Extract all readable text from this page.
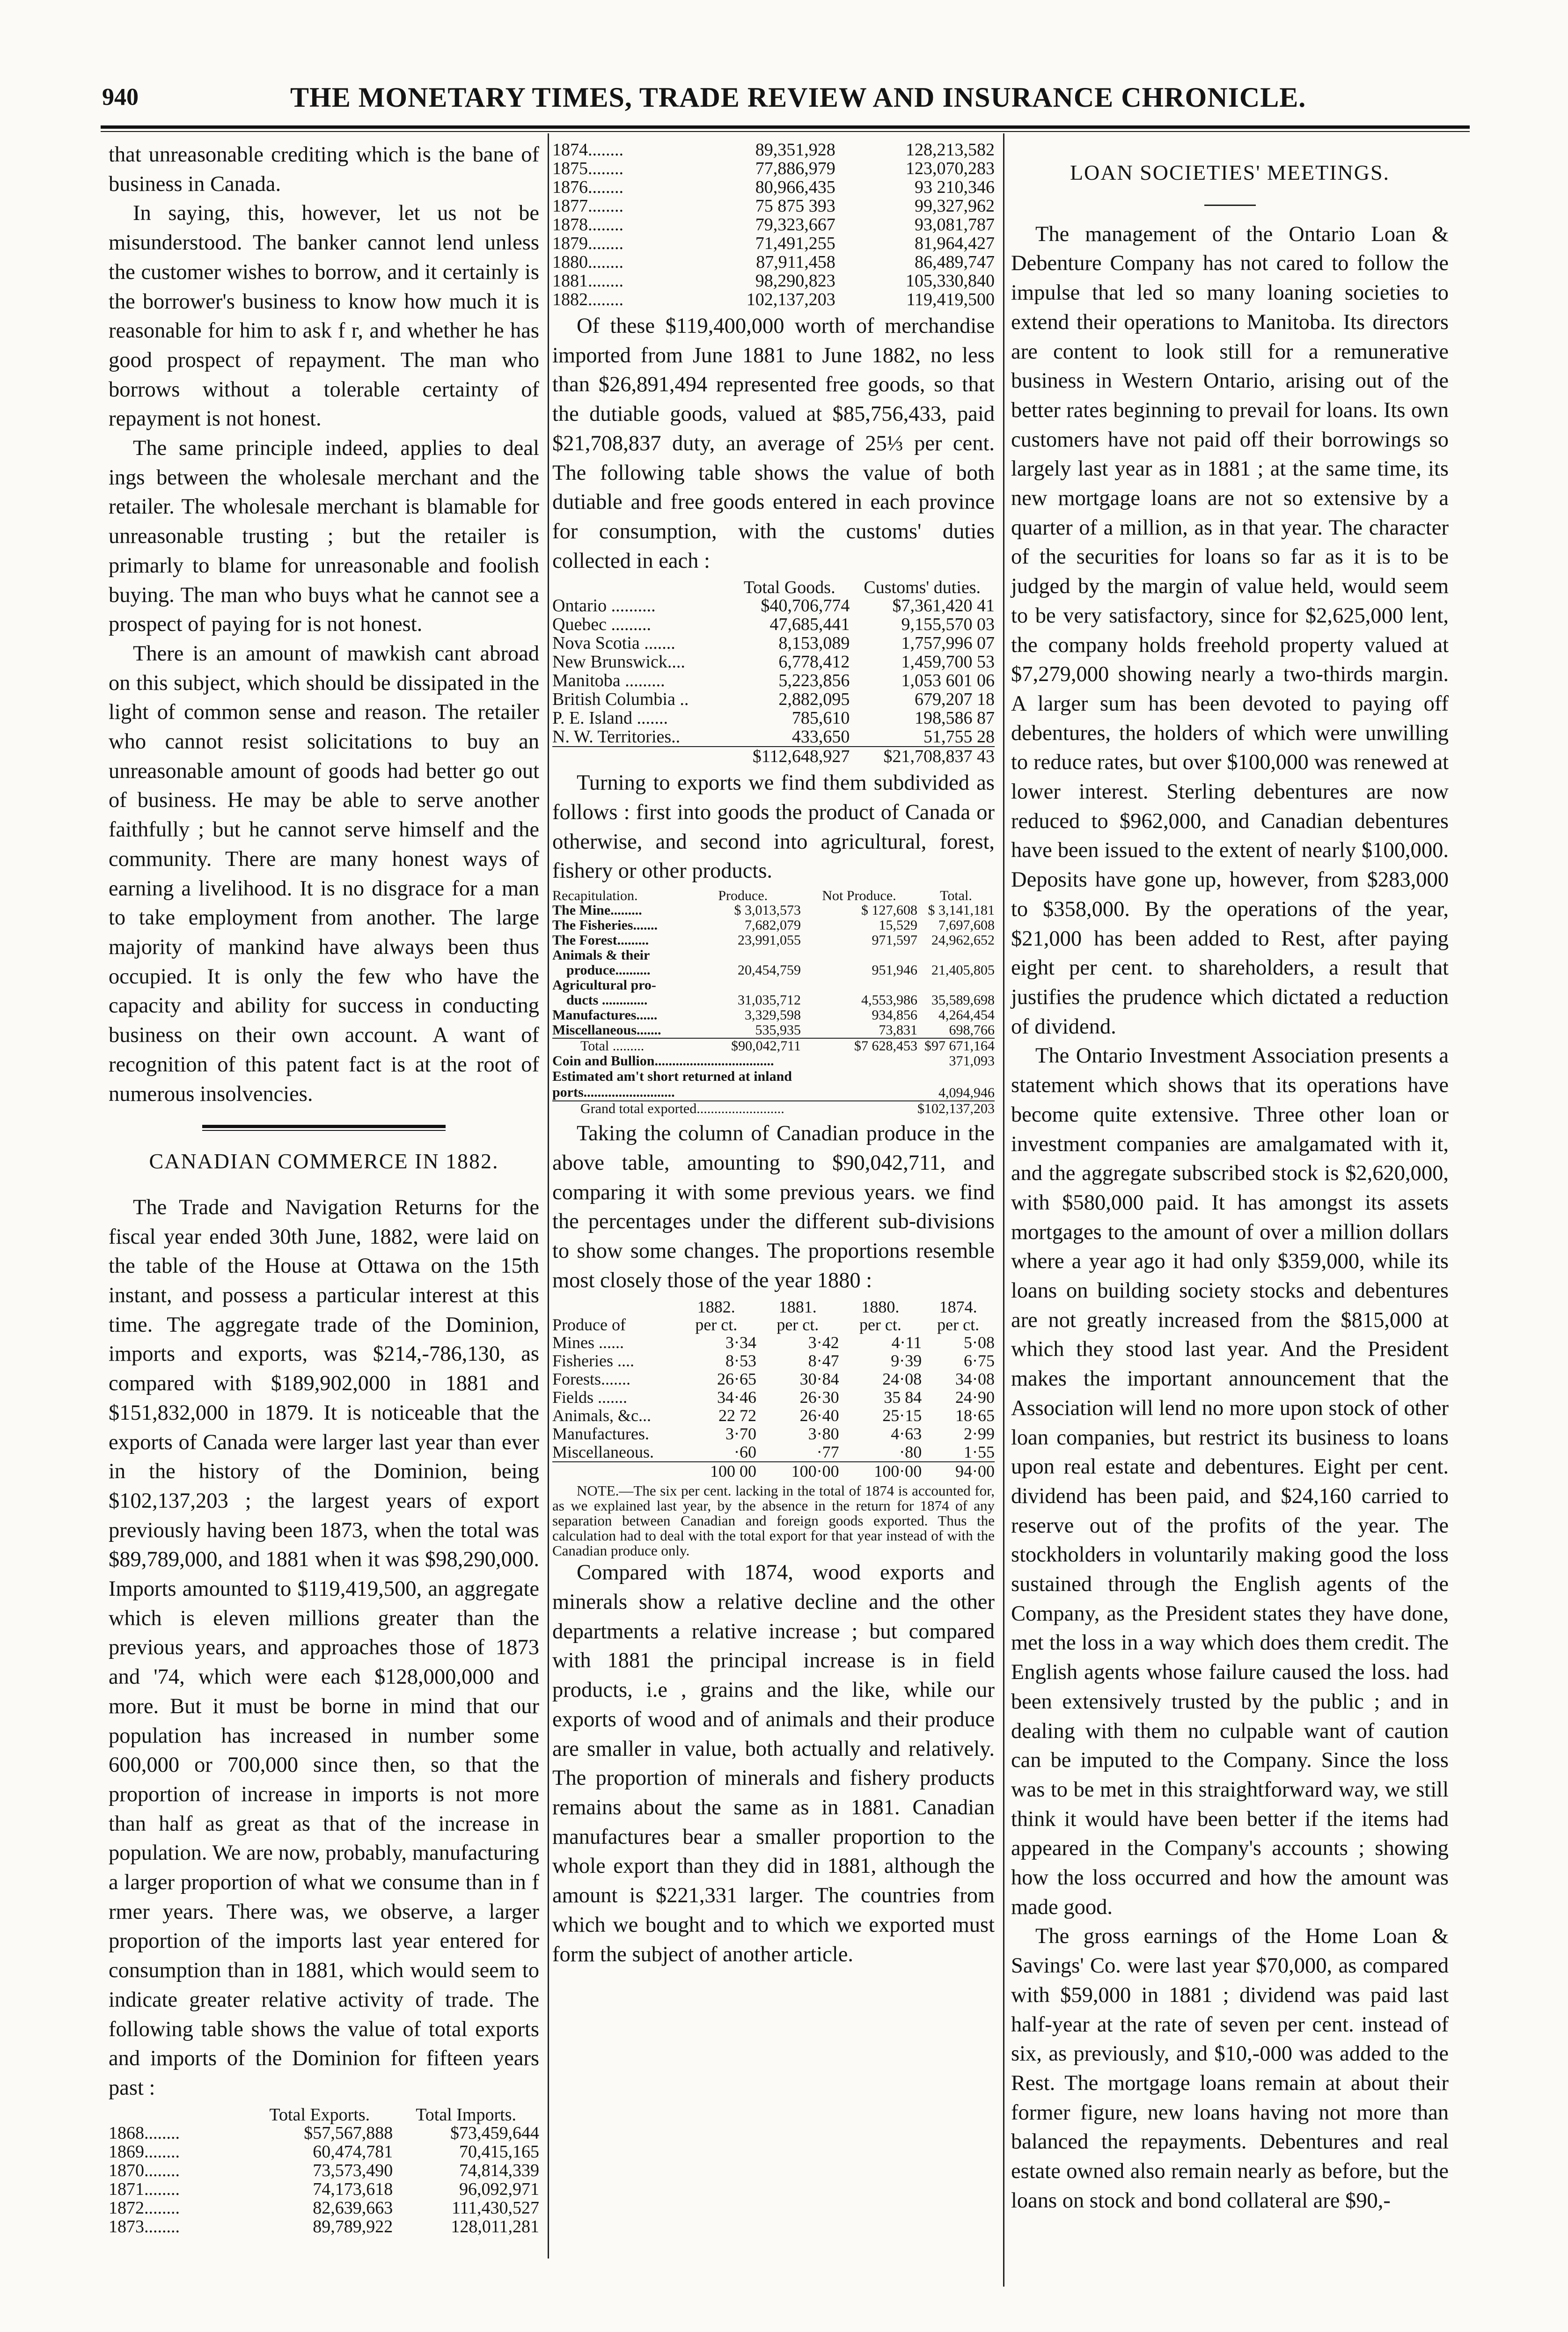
940	THE MONETARY TIMES, TRADE REVIEW AND INSURANCE CHRONICLE.

that unreasonable crediting which is the bane of business in Canada.

In saying, this, however, let us not be misunderstood. The banker cannot lend unless the customer wishes to borrow, and it certainly is the borrower's business to know how much it is reasonable for him to ask f r, and whether he has good prospect of repayment. The man who borrows without a tolerable certainty of repayment is not honest.

The same principle indeed, applies to deal ings between the wholesale merchant and the retailer. The wholesale merchant is blamable for unreasonable trusting ; but the retailer is primarly to blame for unreasonable and foolish buying. The man who buys what he cannot see a prospect of paying for is not honest.

There is an amount of mawkish cant abroad on this subject, which should be dissipated in the light of common sense and reason. The retailer who cannot resist solicitations to buy an unreasonable amount of goods had better go out of business. He may be able to serve another faithfully ; but he cannot serve himself and the community. There are many honest ways of earning a livelihood. It is no disgrace for a man to take employment from another. The large majority of mankind have always been thus occupied. It is only the few who have the capacity and ability for success in conducting business on their own account. A want of recognition of this patent fact is at the root of numerous insolvencies.

CANADIAN COMMERCE IN 1882.

The Trade and Navigation Returns for the fiscal year ended 30th June, 1882, were laid on the table of the House at Ottawa on the 15th instant, and possess a particular interest at this time. The aggregate trade of the Dominion, imports and exports, was $214,-786,130, as compared with $189,902,000 in 1881 and $151,832,000 in 1879. It is noticeable that the exports of Canada were larger last year than ever in the history of the Dominion, being $102,137,203 ; the largest years of export previously having been 1873, when the total was $89,789,000, and 1881 when it was $98,290,000. Imports amounted to $119,419,500, an aggregate which is eleven millions greater than the previous years, and approaches those of 1873 and '74, which were each $128,000,000 and more. But it must be borne in mind that our population has increased in number some 600,000 or 700,000 since then, so that the proportion of increase in imports is not more than half as great as that of the increase in population. We are now, probably, manufacturing a larger proportion of what we consume than in f rmer years. There was, we observe, a larger proportion of the imports last year entered for consumption than in 1881, which would seem to indicate greater relative activity of trade. The following table shows the value of total exports and imports of the Dominion for fifteen years past :

	Total Exports.	Total Imports.
1868........	$57,567,888	$73,459,644
1869........	60,474,781	70,415,165
1870........	73,573,490	74,814,339
1871........	74,173,618	96,092,971
1872........	82,639,663	111,430,527
1873........	89,789,922	128,011,281
1874........	89,351,928	128,213,582
1875........	77,886,979	123,070,283
1876........	80,966,435	93 210,346
1877........	75 875 393	99,327,962
1878........	79,323,667	93,081,787
1879........	71,491,255	81,964,427
1880........	87,911,458	86,489,747
1881........	98,290,823	105,330,840
1882........	102,137,203	119,419,500

Of these $119,400,000 worth of merchandise imported from June 1881 to June 1882, no less than $26,891,494 represented free goods, so that the dutiable goods, valued at $85,756,433, paid $21,708,837 duty, an average of 25⅓ per cent. The following table shows the value of both dutiable and free goods entered in each province for consumption, with the customs' duties collected in each :

	Total Goods.	Customs' duties.
Ontario ..........	$40,706,774	$7,361,420 41
Quebec .........	47,685,441	9,155,570 03
Nova Scotia .......	8,153,089	1,757,996 07
New Brunswick....	6,778,412	1,459,700 53
Manitoba .........	5,223,856	1,053 601 06
British Columbia ..	2,882,095	679,207 18
P. E. Island .......	785,610	198,586 87
N. W. Territories..	433,650	51,755 28
	$112,648,927	$21,708,837 43

Turning to exports we find them subdivided as follows : first into goods the product of Canada or otherwise, and second into agricultural, forest, fishery or other products.

Recapitulation.	Produce.	Not Produce.	Total.
The Mine.........	$ 3,013,573	$ 127,608	$ 3,141,181
The Fisheries.......	7,682,079	15,529	7,697,608
The Forest.........	23,991,055	971,597	24,962,652
Animals & their			
produce..........	20,454,759	951,946	21,405,805
Agricultural pro-			
ducts .............	31,035,712	4,553,986	35,589,698
Manufactures......	3,329,598	934,856	4,264,454
Miscellaneous.......	535,935	73,831	698,766
Total .........	$90,042,711	$7 628,453	$97 671,164
Coin and Bullion..................................			371,093
Estimated am't short returned at inland ports..........................			4,094,946
Grand total exported.........................			$102,137,203

Taking the column of Canadian produce in the above table, amounting to $90,042,711, and comparing it with some previous years. we find the percentages under the different sub-divisions to show some changes. The proportions resemble most closely those of the year 1880 :

	1882.	1881.	1880.	1874.
Produce of	per ct.	per ct.	per ct.	per ct.
Mines ......	3·34	3·42	4·11	5·08
Fisheries ....	8·53	8·47	9·39	6·75
Forests.......	26·65	30·84	24·08	34·08
Fields .......	34·46	26·30	35 84	24·90
Animals, &c...	22 72	26·40	25·15	18·65
Manufactures.	3·70	3·80	4·63	2·99
Miscellaneous.	·60	·77	·80	1·55
	100 00	100·00	100·00	94·00

NOTE.—The six per cent. lacking in the total of 1874 is accounted for, as we explained last year, by the absence in the return for 1874 of any separation between Canadian and foreign goods exported. Thus the calculation had to deal with the total export for that year instead of with the Canadian produce only.

Compared with 1874, wood exports and minerals show a relative decline and the other departments a relative increase ; but compared with 1881 the principal increase is in field products, i.e , grains and the like, while our exports of wood and of animals and their produce are smaller in value, both actually and relatively. The proportion of minerals and fishery products remains about the same as in 1881. Canadian manufactures bear a smaller proportion to the whole export than they did in 1881, although the amount is $221,331 larger. The countries from which we bought and to which we exported must form the subject of another article.

LOAN SOCIETIES' MEETINGS.

The management of the Ontario Loan & Debenture Company has not cared to follow the impulse that led so many loaning societies to extend their operations to Manitoba. Its directors are content to look still for a remunerative business in Western Ontario, arising out of the better rates beginning to prevail for loans. Its own customers have not paid off their borrowings so largely last year as in 1881 ; at the same time, its new mortgage loans are not so extensive by a quarter of a million, as in that year. The character of the securities for loans so far as it is to be judged by the margin of value held, would seem to be very satisfactory, since for $2,625,000 lent, the company holds freehold property valued at $7,279,000 showing nearly a two-thirds margin. A larger sum has been devoted to paying off debentures, the holders of which were unwilling to reduce rates, but over $100,000 was renewed at lower interest. Sterling debentures are now reduced to $962,000, and Canadian debentures have been issued to the extent of nearly $100,000. Deposits have gone up, however, from $283,000 to $358,000. By the operations of the year, $21,000 has been added to Rest, after paying eight per cent. to shareholders, a result that justifies the prudence which dictated a reduction of dividend.

The Ontario Investment Association presents a statement which shows that its operations have become quite extensive. Three other loan or investment companies are amalgamated with it, and the aggregate subscribed stock is $2,620,000, with $580,000 paid. It has amongst its assets mortgages to the amount of over a million dollars where a year ago it had only $359,000, while its loans on building society stocks and debentures are not greatly increased from the $815,000 at which they stood last year. And the President makes the important announcement that the Association will lend no more upon stock of other loan companies, but restrict its business to loans upon real estate and debentures. Eight per cent. dividend has been paid, and $24,160 carried to reserve out of the profits of the year. The stockholders in voluntarily making good the loss sustained through the English agents of the Company, as the President states they have done, met the loss in a way which does them credit. The English agents whose failure caused the loss. had been extensively trusted by the public ; and in dealing with them no culpable want of caution can be imputed to the Company. Since the loss was to be met in this straightforward way, we still think it would have been better if the items had appeared in the Company's accounts ; showing how the loss occurred and how the amount was made good.

The gross earnings of the Home Loan & Savings' Co. were last year $70,000, as compared with $59,000 in 1881 ; dividend was paid last half-year at the rate of seven per cent. instead of six, as previously, and $10,-000 was added to the Rest. The mortgage loans remain at about their former figure, new loans having not more than balanced the repayments. Debentures and real estate owned also remain nearly as before, but the loans on stock and bond collateral are $90,-
